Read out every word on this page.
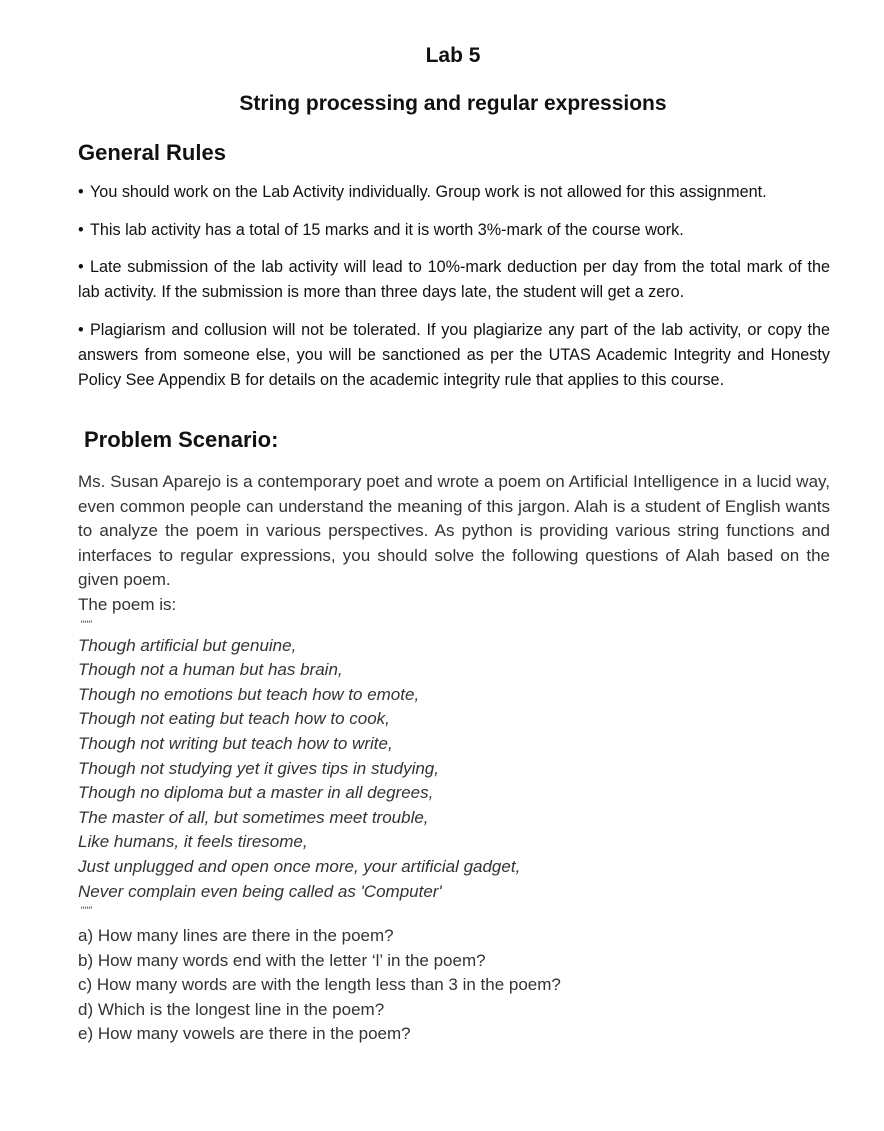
Lab 5
String processing and regular expressions
General Rules

• You should work on the Lab Activity individually. Group work is not allowed for this assignment.

• This lab activity has a total of 15 marks and it is worth 3%-mark of the course work.

• Late submission of the lab activity will lead to 10%-mark deduction per day from the total mark of the lab activity. If the submission is more than three days late, the student will get a zero.

• Plagiarism and collusion will not be tolerated. If you plagiarize any part of the lab activity, or copy the answers from someone else, you will be sanctioned as per the UTAS Academic Integrity and Honesty Policy See Appendix B for details on the academic integrity rule that applies to this course.

Problem Scenario:

Ms. Susan Aparejo is a contemporary poet and wrote a poem on Artificial Intelligence in a lucid way, even common people can understand the meaning of this jargon. Alah is a student of English wants to analyze the poem in various perspectives. As python is providing various string functions and interfaces to regular expressions, you should solve the following questions of Alah based on the given poem.

The poem is:

"""
Though artificial but genuine,
Though not a human but has brain,
Though no emotions but teach how to emote,
Though not eating but teach how to cook,
Though not writing but teach how to write,
Though not studying yet it gives tips in studying,
Though no diploma but a master in all degrees,
The master of all, but sometimes meet trouble,
Like humans, it feels tiresome,
Just unplugged and open once more, your artificial gadget,
Never complain even being called as 'Computer'
"""

a) How many lines are there in the poem?

b) How many words end with the letter ‘l’ in the poem?

c) How many words are with the length less than 3 in the poem?

d) Which is the longest line in the poem?

e) How many vowels are there in the poem?
